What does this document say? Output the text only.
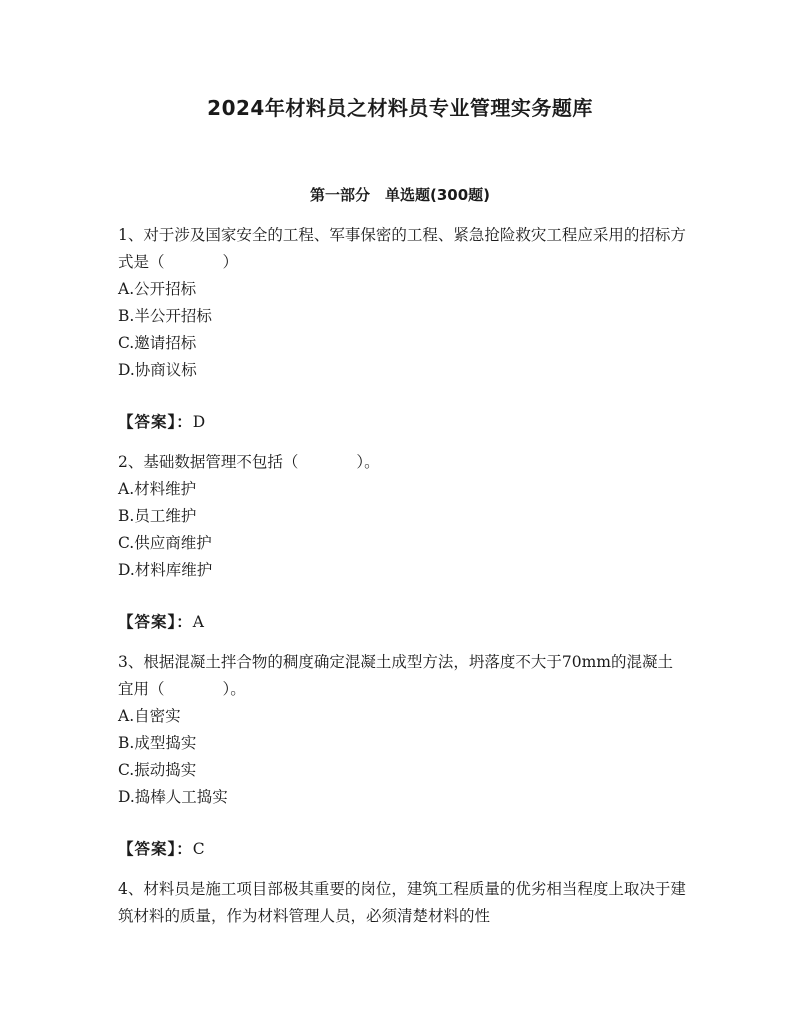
2024年材料员之材料员专业管理实务题库
第一部分　单选题(300题)

1、对于涉及国家安全的工程、军事保密的工程、紧急抢险救灾工程应采用的招标方式是（	）

A.公开招标
B.半公开招标
C.邀请招标
D.协商议标

【答案】：D

2、基础数据管理不包括（	）。

A.材料维护
B.员工维护
C.供应商维护
D.材料库维护

【答案】：A

3、根据混凝土拌合物的稠度确定混凝土成型方法，坍落度不大于70mm的混凝土宜用（	）。

A.自密实
B.成型捣实
C.振动捣实
D.捣棒人工捣实

【答案】：C

4、材料员是施工项目部极其重要的岗位，建筑工程质量的优劣相当程度上取决于建筑材料的质量，作为材料管理人员，必须清楚材料的性
